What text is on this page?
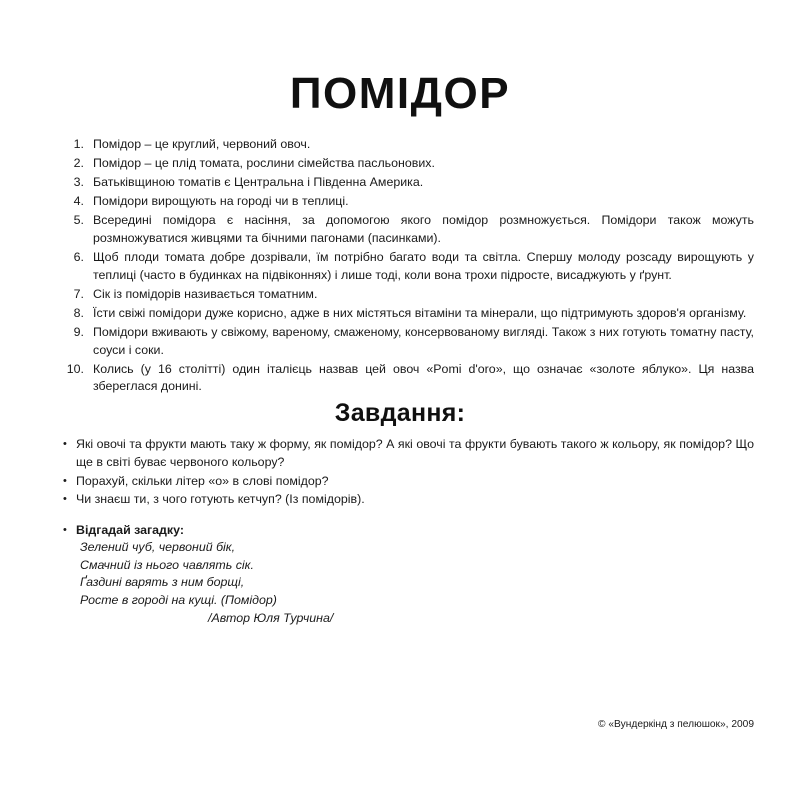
ПОМІДОР
1. Помідор – це круглий, червоний овоч.
2. Помідор – це плід томата, рослини сімейства пасльонових.
3. Батьківщиною томатів є Центральна і Південна Америка.
4. Помідори вирощують на городі чи в теплиці.
5. Всередині помідора є насіння, за допомогою якого помідор розмножується. Помідори також можуть розмножуватися живцями та бічними пагонами (пасинками).
6. Щоб плоди томата добре дозрівали, їм потрібно багато води та світла. Спершу молоду розсаду вирощують у теплиці (часто в будинках на підвіконнях) і лише тоді, коли вона трохи підросте, висаджують у ґрунт.
7. Сік із помідорів називається томатним.
8. Їсти свіжі помідори дуже корисно, адже в них містяться вітаміни та мінерали, що підтримують здоров'я організму.
9. Помідори вживають у свіжому, вареному, смаженому, консервованому вигляді. Також з них готують томатну пасту, соуси і соки.
10. Колись (у 16 столітті) один італієць назвав цей овоч «Pomi d'oro», що означає «золоте яблуко». Ця назва збереглася донині.
Завдання:
• Які овочі та фрукти мають таку ж форму, як помідор? А які овочі та фрукти бувають такого ж кольору, як помідор? Що ще в світі буває червоного кольору?
• Порахуй, скільки літер «о» в слові помідор?
• Чи знаєш ти, з чого готують кетчуп? (Із помідорів).
• Відгадай загадку:
Зелений чуб, червоний бік,
Смачний із нього чавлять сік.
Ґаздині варять з ним борщі,
Росте в городі на кущі. (Помідор)
/Автор Юля Турчина/
© «Вундеркінд з пелюшок», 2009
